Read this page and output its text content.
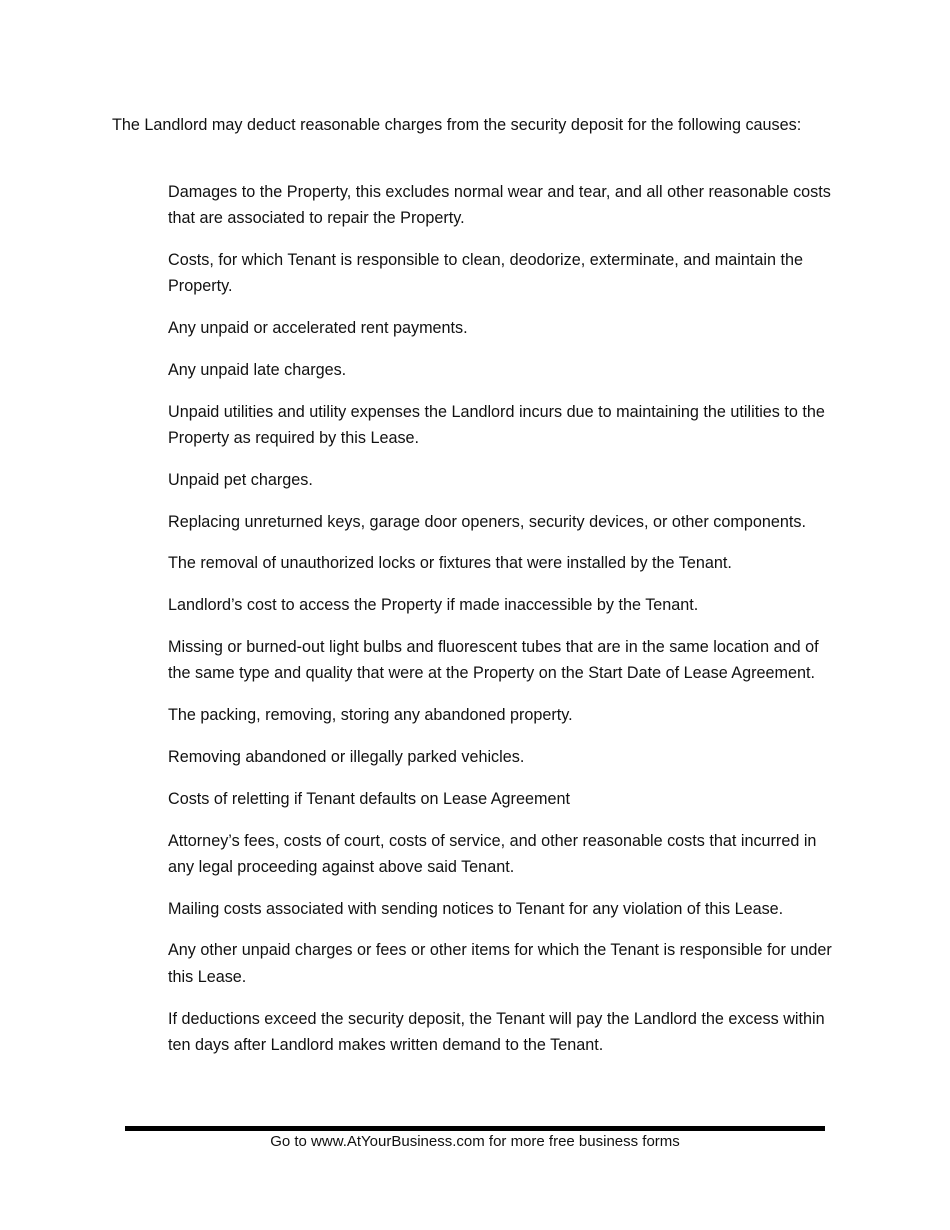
The Landlord may deduct reasonable charges from the security deposit for the following causes:

Damages to the Property, this excludes normal wear and tear, and all other reasonable costs that are associated to repair the Property.
Costs, for which Tenant is responsible to clean, deodorize, exterminate, and maintain the Property.
Any unpaid or accelerated rent payments.
Any unpaid late charges.
Unpaid utilities and utility expenses the Landlord incurs due to maintaining the utilities to the Property as required by this Lease.
Unpaid pet charges.
Replacing unreturned keys, garage door openers, security devices, or other components.
The removal of unauthorized locks or fixtures that were installed by the Tenant.
Landlord’s cost to access the Property if made inaccessible by the Tenant.
Missing or burned-out light bulbs and fluorescent tubes that are in the same location and of the same type and quality that were at the Property on the Start Date of Lease Agreement.
The packing, removing, storing any abandoned property.
Removing abandoned or illegally parked vehicles.
Costs of reletting if Tenant defaults on Lease Agreement
Attorney’s fees, costs of court, costs of service, and other reasonable costs that incurred in any legal proceeding against above said Tenant.
Mailing costs associated with sending notices to Tenant for any violation of this Lease.
Any other unpaid charges or fees or other items for which the Tenant is responsible for under this Lease.
If deductions exceed the security deposit, the Tenant will pay the Landlord the excess within ten days after Landlord makes written demand to the Tenant.

Go to www.AtYourBusiness.com for more free business forms
